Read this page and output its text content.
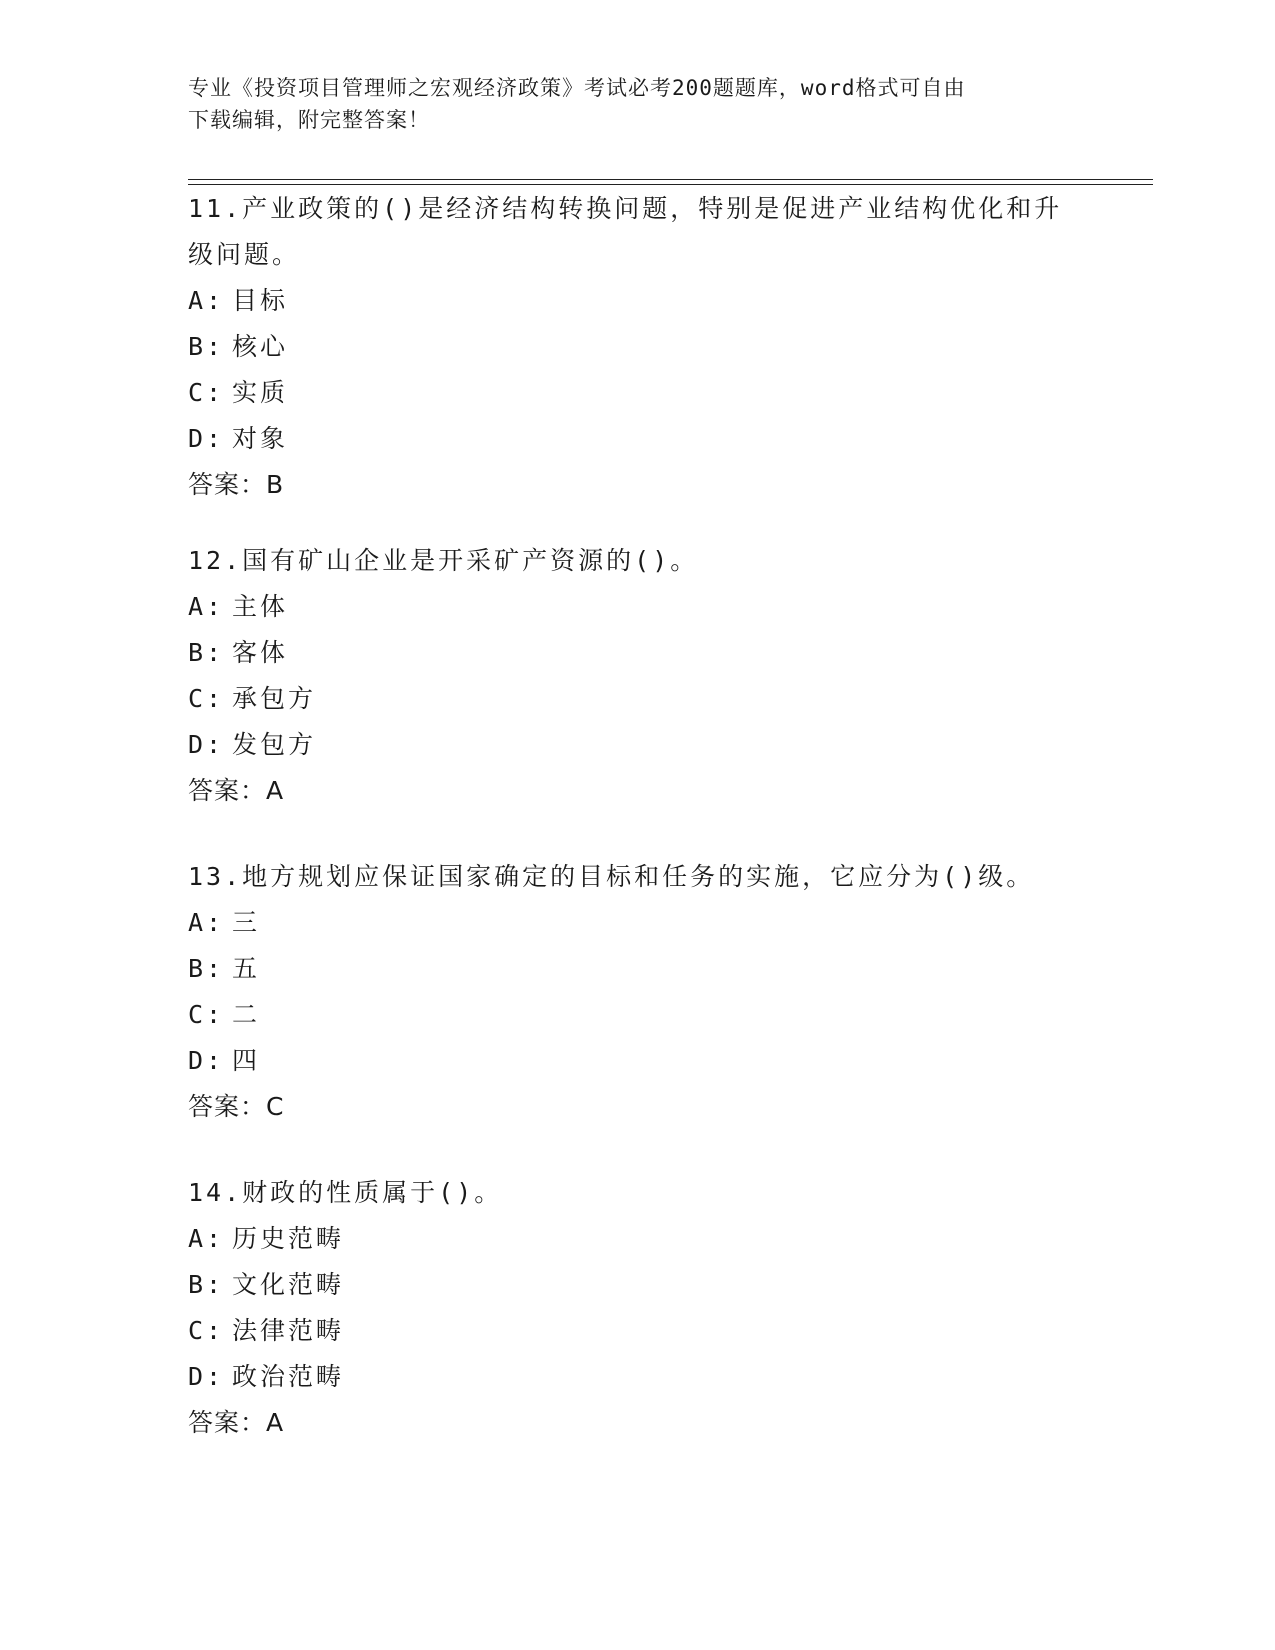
专业《投资项目管理师之宏观经济政策》考试必考200题题库，word格式可自由
下载编辑，附完整答案！

11.产业政策的()是经济结构转换问题，特别是促进产业结构优化和升

级问题。

A: 目标

B: 核心

C: 实质

D: 对象

答案：B

12.国有矿山企业是开采矿产资源的()。

A: 主体

B: 客体

C: 承包方

D: 发包方

答案：A

13.地方规划应保证国家确定的目标和任务的实施，它应分为()级。

A: 三

B: 五

C: 二

D: 四

答案：C

14.财政的性质属于()。

A: 历史范畴

B: 文化范畴

C: 法律范畴

D: 政治范畴

答案：A
